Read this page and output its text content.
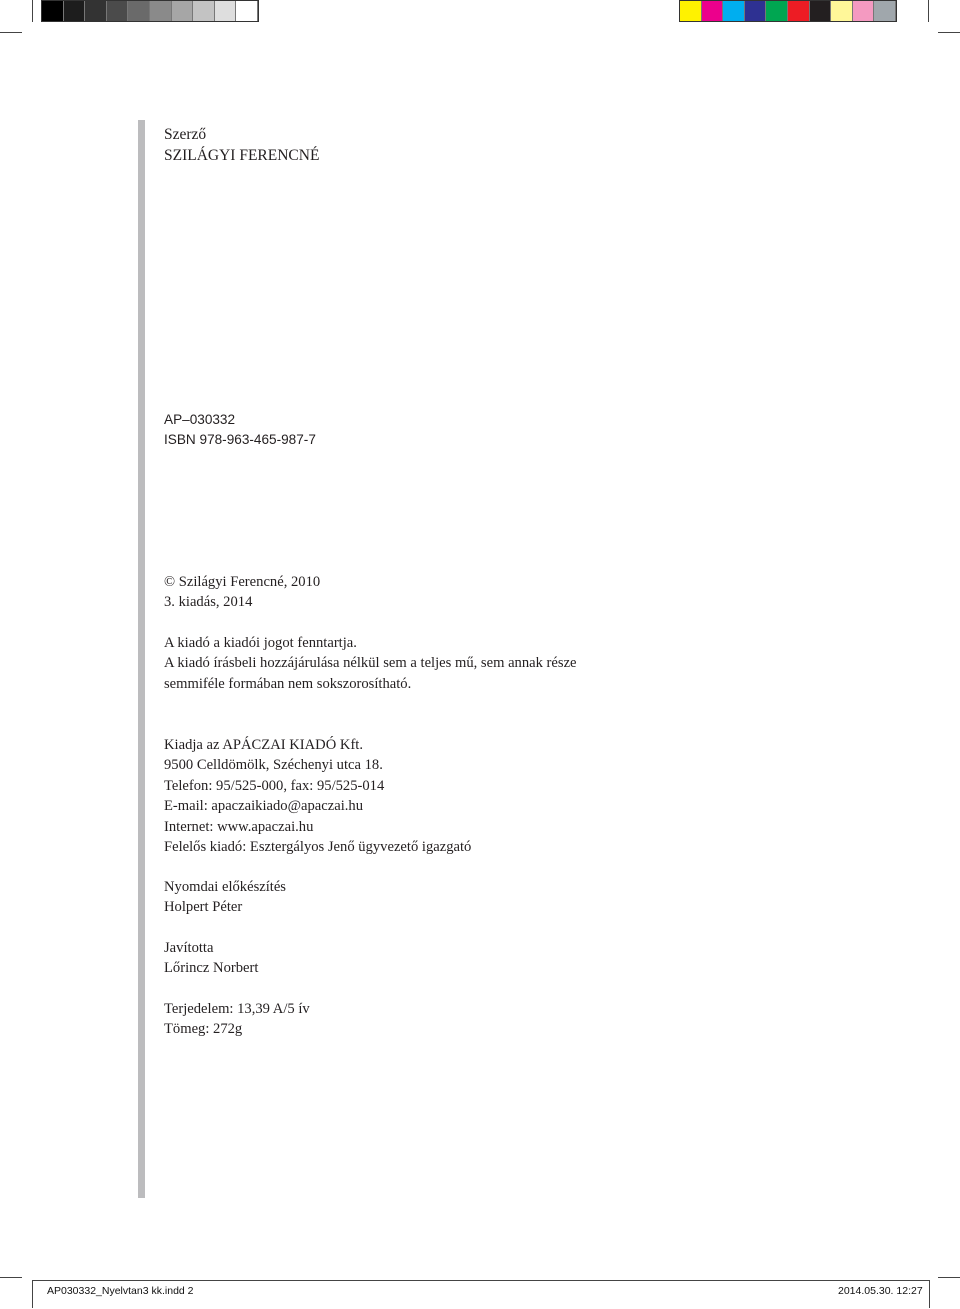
Szerző
SZILÁGYI FERENCNÉ
AP–030332
ISBN 978-963-465-987-7
© Szilágyi Ferencné, 2010
3. kiadás, 2014
A kiadó a kiadói jogot fenntartja.
A kiadó írásbeli hozzájárulása nélkül sem a teljes mű, sem annak része
semmiféle formában nem sokszorosítható.
Kiadja az APÁCZAI KIADÓ Kft.
9500 Celldömölk, Széchenyi utca 18.
Telefon: 95/525-000, fax: 95/525-014
E-mail: apaczaikiado@apaczai.hu
Internet: www.apaczai.hu
Felelős kiadó: Esztergályos Jenő ügyvezető igazgató
Nyomdai előkészítés
Holpert Péter
Javította
Lőrincz Norbert
Terjedelem: 13,39 A/5 ív
Tömeg: 272g
AP030332_Nyelvtan3 kk.indd 2	2014.05.30. 12:27
